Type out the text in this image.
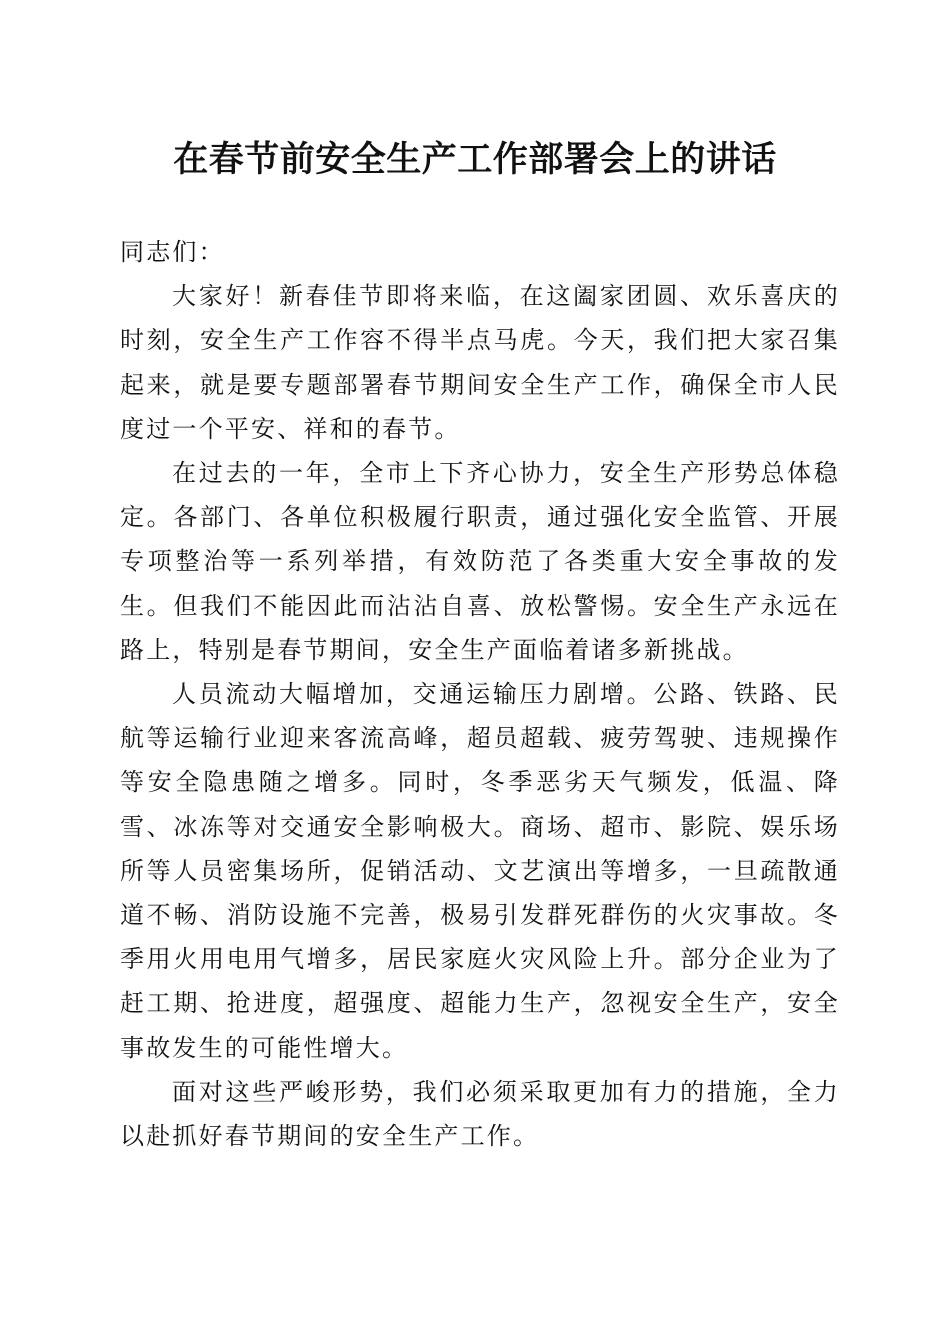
在春节前安全生产工作部署会上的讲话

同志们：

大家好！新春佳节即将来临，在这阖家团圆、欢乐喜庆的时刻，安全生产工作容不得半点马虎。今天，我们把大家召集起来，就是要专题部署春节期间安全生产工作，确保全市人民度过一个平安、祥和的春节。

在过去的一年，全市上下齐心协力，安全生产形势总体稳定。各部门、各单位积极履行职责，通过强化安全监管、开展专项整治等一系列举措，有效防范了各类重大安全事故的发生。但我们不能因此而沾沾自喜、放松警惕。安全生产永远在路上，特别是春节期间，安全生产面临着诸多新挑战。

人员流动大幅增加，交通运输压力剧增。公路、铁路、民航等运输行业迎来客流高峰，超员超载、疲劳驾驶、违规操作等安全隐患随之增多。同时，冬季恶劣天气频发，低温、降雪、冰冻等对交通安全影响极大。商场、超市、影院、娱乐场所等人员密集场所，促销活动、文艺演出等增多，一旦疏散通道不畅、消防设施不完善，极易引发群死群伤的火灾事故。冬季用火用电用气增多，居民家庭火灾风险上升。部分企业为了赶工期、抢进度，超强度、超能力生产，忽视安全生产，安全事故发生的可能性增大。

面对这些严峻形势，我们必须采取更加有力的措施，全力以赴抓好春节期间的安全生产工作。
